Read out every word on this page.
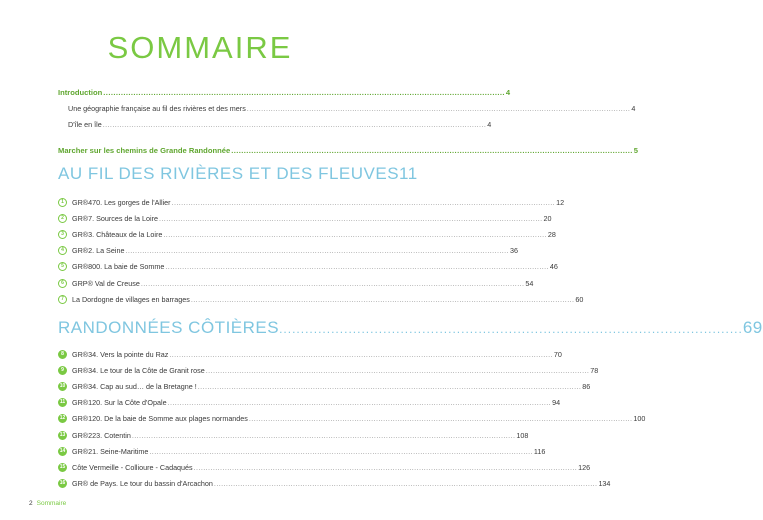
SOMMAIRE
Introduction .....	4
Une géographie française au fil des rivières et des mers .....	4
D'île en île .....	4
Marcher sur les chemins de Grande Randonnée .....	5
AU FIL DES RIVIÈRES ET DES FLEUVES 11
1	GR®470. Les gorges de l'Allier .....	12
2	GR®7. Sources de la Loire .....	20
3	GR®3. Châteaux de la Loire .....	28
4	GR®2. La Seine .....	36
5	GR®800. La baie de Somme .....	46
6	GRP® Val de Creuse .....	54
7	La Dordogne de villages en barrages .....	60
RANDONNÉES CÔTIÈRES .....	69
8	GR®34. Vers la pointe du Raz .....	70
9	GR®34. Le tour de la Côte de Granit rose .....	78
10 GR®34. Cap au sud… de la Bretagne ! .....	86
11 GR®120. Sur la Côte d'Opale .....	94
12 GR®120. De la baie de Somme aux plages normandes .....	100
13 GR®223. Cotentin .....	108
14 GR®21. Seine-Maritime .....	116
15 Côte Vermeille - Collioure - Cadaqués .....	126
16 GR® de Pays. Le tour du bassin d'Arcachon .....	134
2 Sommaire
